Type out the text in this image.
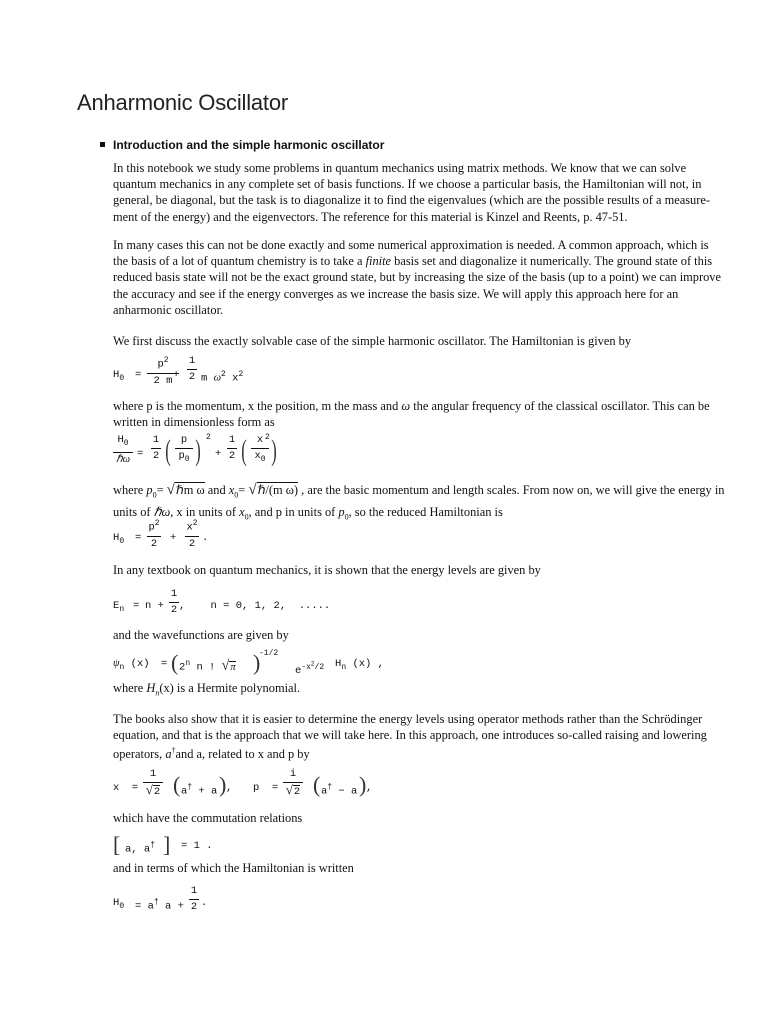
Anharmonic Oscillator
Introduction and the simple harmonic oscillator

In this notebook we study some problems in quantum mechanics using matrix methods. We know that we can solve quantum mechanics in any complete set of basis functions. If we choose a particular basis, the Hamiltonian will not, in general, be diagonal, but the task is to diagonalize it to find the eigenvalues (which are the possible results of a measure-ment of the energy) and the eigenvectors. The reference for this material is Kinzel and Reents, p. 47-51.

In many cases this can not be done exactly and some numerical approximation is needed. A common approach, which is the basis of a lot of quantum chemistry is to take a finite basis set and diagonalize it numerically. The ground state of this reduced basis state will not be the exact ground state, but by increasing the size of the basis (up to a point) we can improve the accuracy and see if the energy converges as we increase the basis size. We will apply this approach here for an anharmonic oscillator.

We first discuss the exactly solvable case of the simple harmonic oscillator. The Hamiltonian is given by

$H_0$ =
$p^2$
2 m +
1
2 m $\omega^2$ $x^2$

where p is the momentum, x the position, m the mass and ω the angular frequency of the classical oscillator. This can be written in dimensionless form as

$H_0$
ℏω =
1
2 ( p
$p_0$ ) 2
+
1
2 ( x
$x_0$ )
2

where $p_0=$ √ℏm ω and $x_0=$ √ℏ/(m ω) , are the basic momentum and length scales. From now on, we will give the energy in units of ℏω, x in units of $x_0$, and p in units of $p_0$, so the reduced Hamiltonian is

$H_0$ =
$p^2$
2	+
$x^2$
2 .

In any textbook on quantum mechanics, it is shown that the energy levels are given by

$E_n = n$ +
1
2 ,    n = 0, 1, 2,  .....

and the wavefunctions are given by

$\psi_n$ (x) = ( 2$^n$ n ! √π )
-1/2
$e^{-x^2/2}$ $H_n$ (x) ,

where $H_n(x)$ is a Hermite polynomial.

The books also show that it is easier to determine the energy levels using operator methods rather than the Schrödinger equation, and that is the approach that we will take here. In this approach, one introduces so-called raising and lowering operators, a†and a, related to x and p by

x  =
1
√2 ( a† + a ) , p  =
i
√2 ( a† − a ) ,

which have the commutation relations

[ a, a† ] = 1 .

and in terms of which the Hamiltonian is written

$H_0 = a^\dagger$ a +
1
2 .
